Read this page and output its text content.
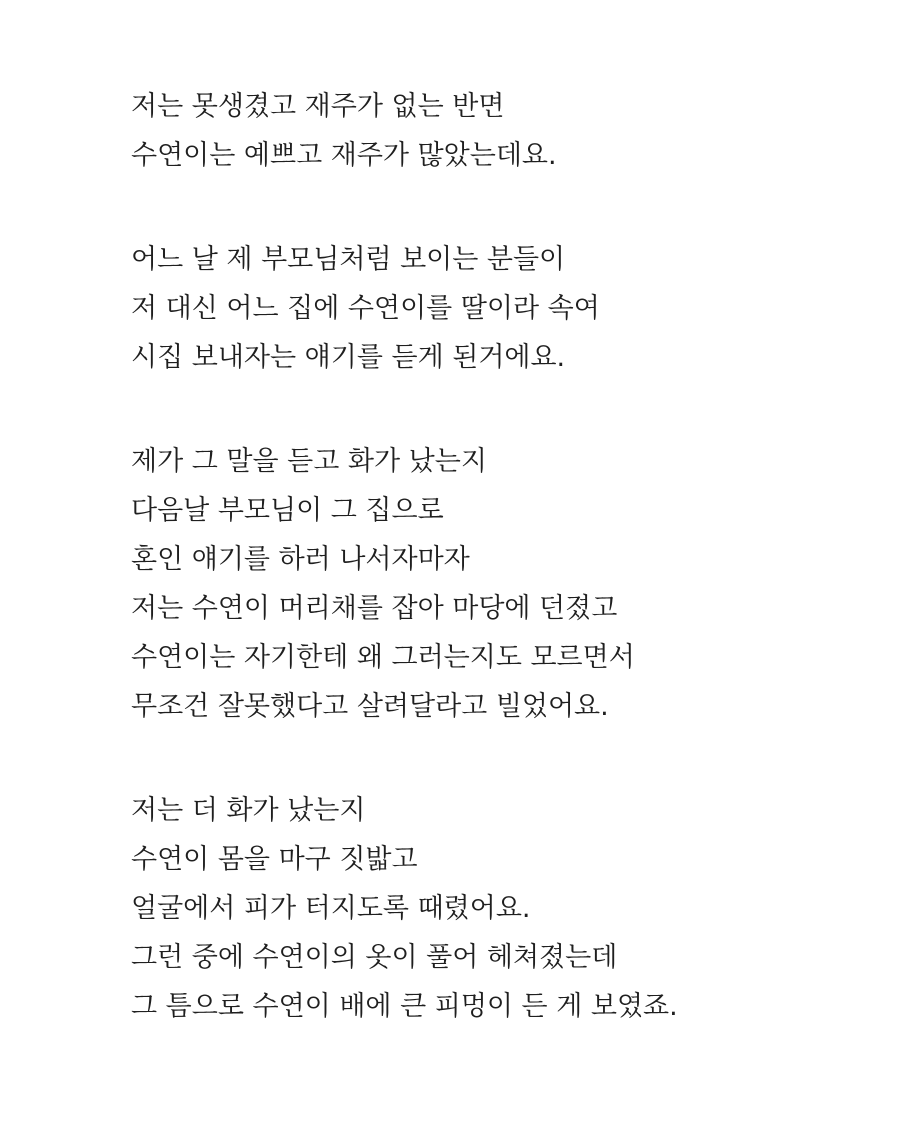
저는 못생겼고 재주가 없는 반면
수연이는 예쁘고 재주가 많았는데요.
어느 날 제 부모님처럼 보이는 분들이
저 대신 어느 집에 수연이를 딸이라 속여
시집 보내자는 얘기를 듣게 된거에요.
제가 그 말을 듣고 화가 났는지
다음날 부모님이 그 집으로
혼인 얘기를 하러 나서자마자
저는 수연이 머리채를 잡아 마당에 던졌고
수연이는 자기한테 왜 그러는지도 모르면서
무조건 잘못했다고 살려달라고 빌었어요.
저는 더 화가 났는지
수연이 몸을 마구 짓밟고
얼굴에서 피가 터지도록 때렸어요.
그런 중에 수연이의 옷이 풀어 헤쳐졌는데
그 틈으로 수연이 배에 큰 피멍이 든 게 보였죠.
